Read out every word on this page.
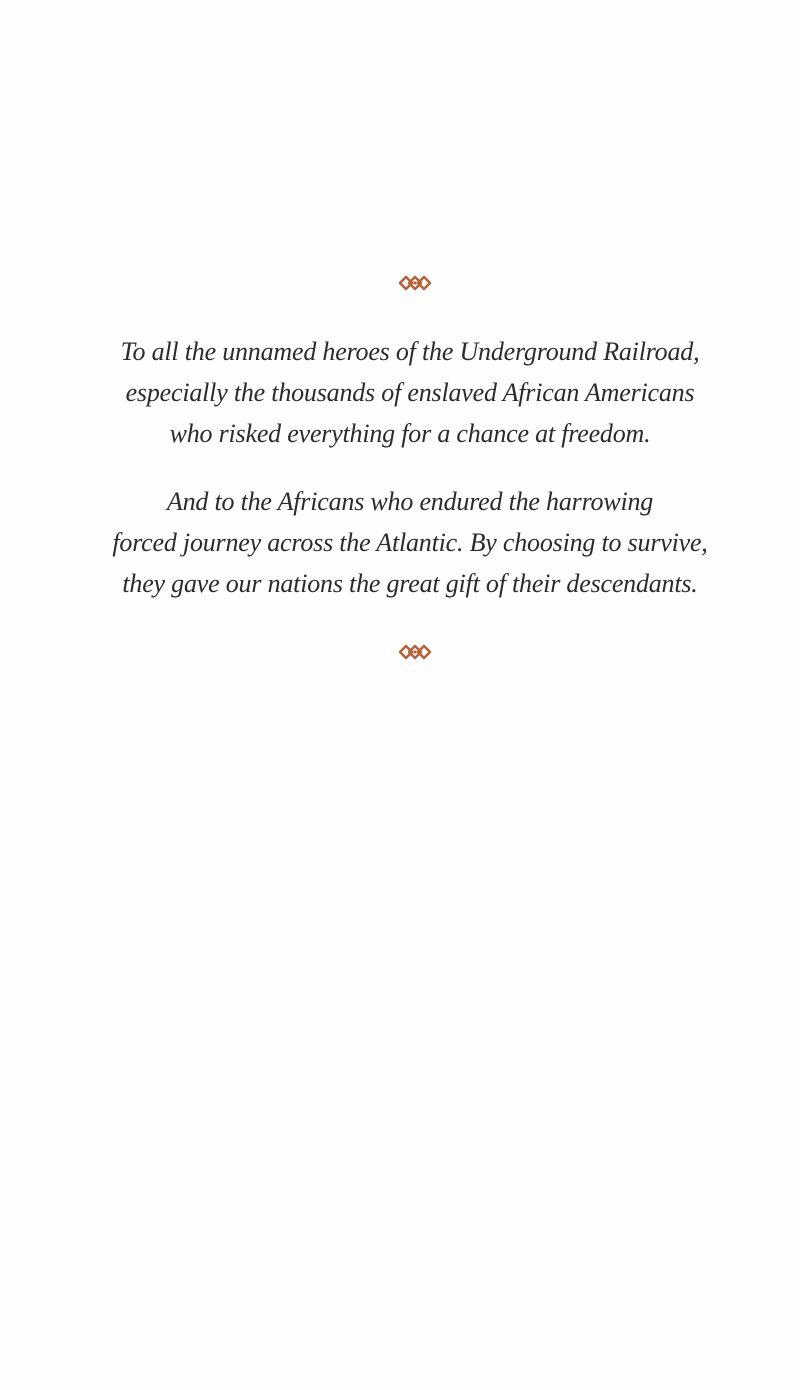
To all the unnamed heroes of the Underground Railroad,
especially the thousands of enslaved African Americans
who risked everything for a chance at freedom.
And to the Africans who endured the harrowing
forced journey across the Atlantic. By choosing to survive,
they gave our nations the great gift of their descendants.
